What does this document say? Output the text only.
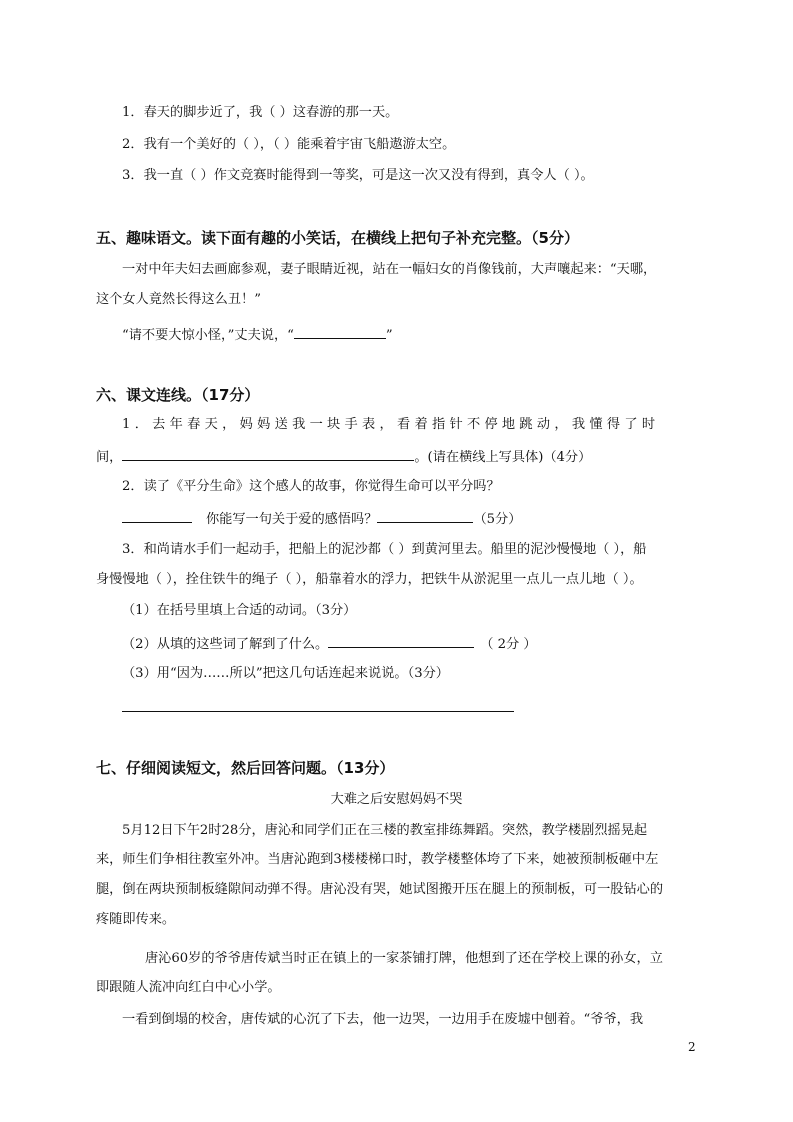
1．春天的脚步近了，我（ ）这春游的那一天。
2．我有一个美好的（ ），（ ）能乘着宇宙飞船遨游太空。
3．我一直（ ）作文竞赛时能得到一等奖，可是这一次又没有得到，真令人（ ）。
五、趣味语文。读下面有趣的小笑话，在横线上把句子补充完整。（5分）
一对中年夫妇去画廊参观，妻子眼睛近视，站在一幅妇女的肖像钱前，大声嚷起来：“天哪，
这个女人竟然长得这么丑！”
“请不要大惊小怪，”丈夫说，“	”
六、课文连线。（17分）
1．去年春天，妈妈送我一块手表，看着指针不停地跳动，我懂得了时
间，	。(请在横线上写具体)（4分）
2．读了《平分生命》这个感人的故事，你觉得生命可以平分吗？
你能写一句关于爱的感悟吗？	（5分）
3．和尚请水手们一起动手，把船上的泥沙都（ ）到黄河里去。船里的泥沙慢慢地（ ），船
身慢慢地（ ），拴住铁牛的绳子（ ），船靠着水的浮力，把铁牛从淤泥里一点儿一点儿地（ ）。
（1）在括号里填上合适的动词。（3分）
（2）从填的这些词了解到了什么。	（ 2分 ）
（3）用“因为……所以”把这几句话连起来说说。（3分）
七、仔细阅读短文，然后回答问题。（13分）
大难之后安慰妈妈不哭
5月12日下午2时28分，唐沁和同学们正在三楼的教室排练舞蹈。突然，教学楼剧烈摇晃起
来，师生们争相往教室外冲。当唐沁跑到3楼楼梯口时，教学楼整体垮了下来，她被预制板砸中左
腿，倒在两块预制板缝隙间动弹不得。唐沁没有哭，她试图搬开压在腿上的预制板，可一股钻心的
疼随即传来。
唐沁60岁的爷爷唐传斌当时正在镇上的一家茶铺打牌，他想到了还在学校上课的孙女，立
即跟随人流冲向红白中心小学。
一看到倒塌的校舍，唐传斌的心沉了下去，他一边哭，一边用手在废墟中刨着。“爷爷，我
2
